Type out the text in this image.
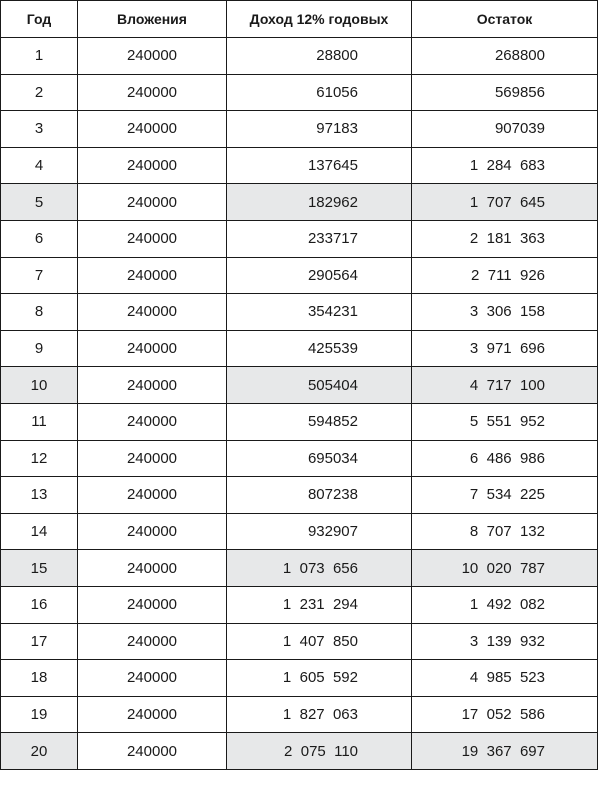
Год	Вложения	Доход 12% годовых	Остаток
1	240000	28800	268800
2	240000	61056	569856
3	240000	97183	907039
4	240000	137645	1  284  683
5	240000	182962	1  707  645
6	240000	233717	2  181  363
7	240000	290564	2  711  926
8	240000	354231	3  306  158
9	240000	425539	3  971  696
10	240000	505404	4  717  100
11	240000	594852	5  551  952
12	240000	695034	6  486  986
13	240000	807238	7  534  225
14	240000	932907	8  707  132
15	240000	1  073  656	10  020  787
16	240000	1  231  294	1  492  082
17	240000	1  407  850	3  139  932
18	240000	1  605  592	4  985  523
19	240000	1  827  063	17  052  586
20	240000	2  075  110	19  367  697
